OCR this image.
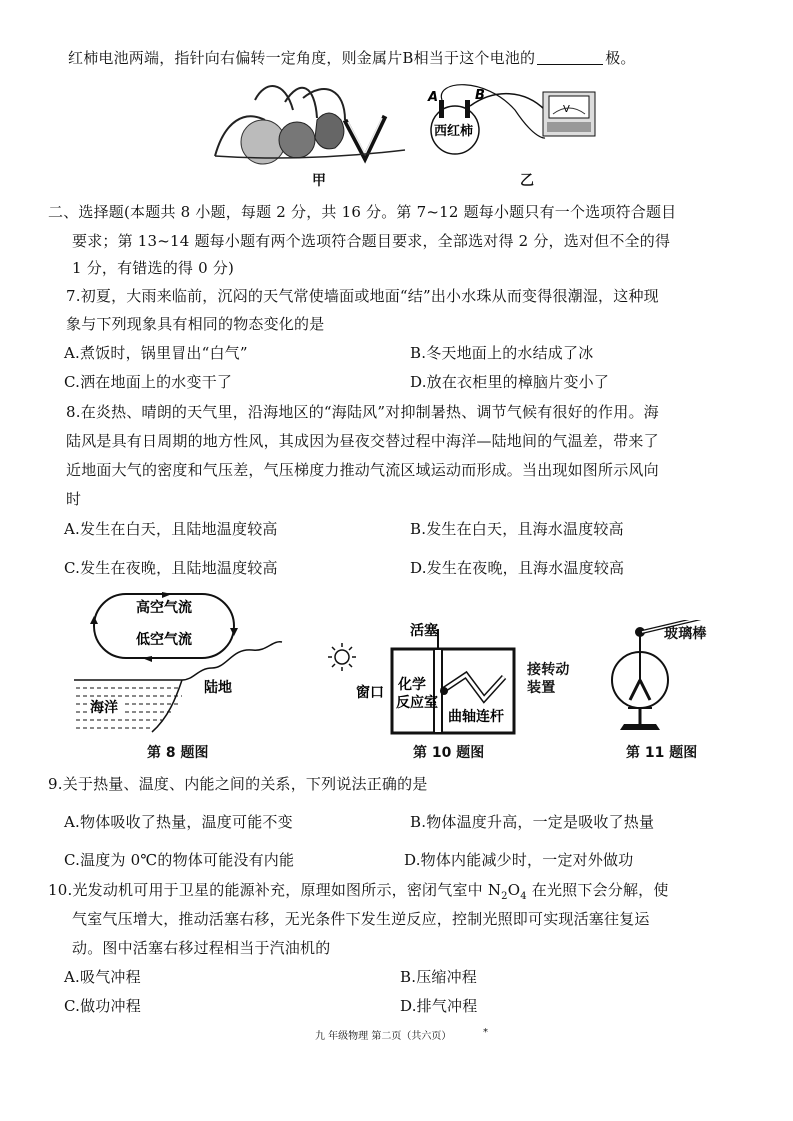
红柿电池两端，指针向右偏转一定角度，则金属片B相当于这个电池的	极。
甲
A	B
西红柿
V
乙
二、选择题(本题共 8 小题，每题 2 分，共 16 分。第 7~12 题每小题只有一个选项符合题目
要求；第 13~14 题每小题有两个选项符合题目要求，全部选对得 2 分，选对但不全的得
1 分，有错选的得 0 分)
7.初夏，大雨来临前，沉闷的天气常使墙面或地面“结”出小水珠从而变得很潮湿，这种现
象与下列现象具有相同的物态变化的是
A.煮饭时，锅里冒出“白气”	B.冬天地面上的水结成了冰
C.洒在地面上的水变干了	D.放在衣柜里的樟脑片变小了
8.在炎热、晴朗的天气里，沿海地区的“海陆风”对抑制暑热、调节气候有很好的作用。海
陆风是具有日周期的地方性风，其成因为昼夜交替过程中海洋—陆地间的气温差，带来了
近地面大气的密度和气压差，气压梯度力推动气流区域运动而形成。当出现如图所示风向
时
A.发生在白天，且陆地温度较高	B.发生在白天，且海水温度较高
C.发生在夜晚，且陆地温度较高	D.发生在夜晚，且海水温度较高
高空气流
低空气流
陆地
海洋
第 8 题图
活塞
窗口 化学
反应室
曲轴连杆
接转动
装置
第 10 题图
玻璃棒
第 11 题图
9.关于热量、温度、内能之间的关系，下列说法正确的是
A.物体吸收了热量，温度可能不变	B.物体温度升高，一定是吸收了热量
C.温度为 0℃的物体可能没有内能	D.物体内能减少时，一定对外做功
10.光发动机可用于卫星的能源补充，原理如图所示，密闭气室中 $N_2O_4$ 在光照下会分解，使
气室气压增大，推动活塞右移，无光条件下发生逆反应，控制光照即可实现活塞往复运
动。图中活塞右移过程相当于汽油机的
A.吸气冲程	B.压缩冲程
C.做功冲程	D.排气冲程
九 年级物理 第二页（共六页）	*
